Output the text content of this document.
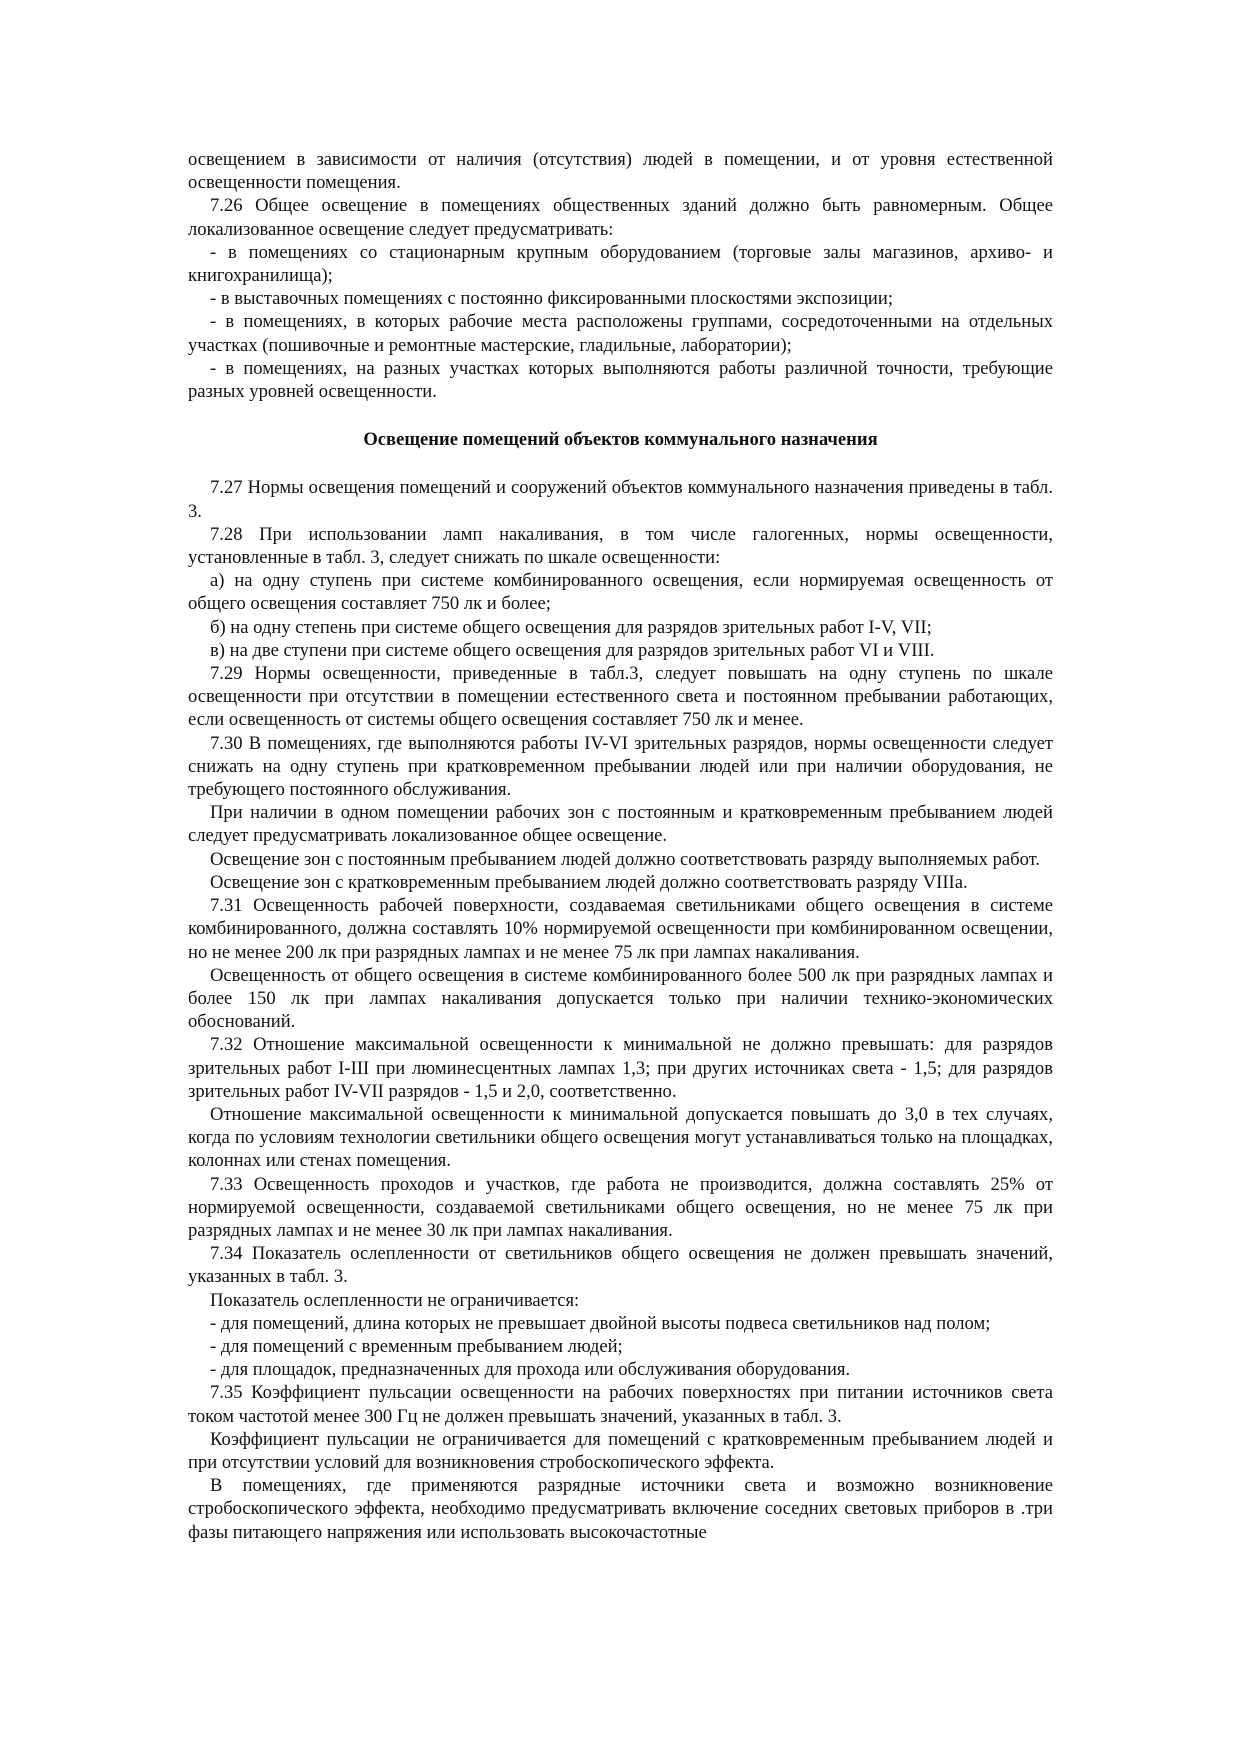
освещением в зависимости от наличия (отсутствия) людей в помещении, и от уровня естественной освещенности помещения.

7.26 Общее освещение в помещениях общественных зданий должно быть равномерным. Общее локализованное освещение следует предусматривать:

- в помещениях со стационарным крупным оборудованием (торговые залы магазинов, архиво- и книгохранилища);

- в выставочных помещениях с постоянно фиксированными плоскостями экспозиции;

- в помещениях, в которых рабочие места расположены группами, сосредоточенными на отдельных участках (пошивочные и ремонтные мастерские, гладильные, лаборатории);

- в помещениях, на разных участках которых выполняются работы различной точности, требующие разных уровней освещенности.

Освещение помещений объектов коммунального назначения

7.27 Нормы освещения помещений и сооружений объектов коммунального назначения приведены в табл. 3.

7.28 При использовании ламп накаливания, в том числе галогенных, нормы освещенности, установленные в табл. 3, следует снижать по шкале освещенности:

а) на одну ступень при системе комбинированного освещения, если нормируемая освещенность от общего освещения составляет 750 лк и более;

б) на одну степень при системе общего освещения для разрядов зрительных работ I-V, VII;

в) на две ступени при системе общего освещения для разрядов зрительных работ VI и VIII.

7.29 Нормы освещенности, приведенные в табл.3, следует повышать на одну ступень по шкале освещенности при отсутствии в помещении естественного света и постоянном пребывании работающих, если освещенность от системы общего освещения составляет 750 лк и менее.

7.30 В помещениях, где выполняются работы IV-VI зрительных разрядов, нормы освещенности следует снижать на одну ступень при кратковременном пребывании людей или при наличии оборудования, не требующего постоянного обслуживания.

При наличии в одном помещении рабочих зон с постоянным и кратковременным пребыванием людей следует предусматривать локализованное общее освещение.

Освещение зон с постоянным пребыванием людей должно соответствовать разряду выполняемых работ.

Освещение зон с кратковременным пребыванием людей должно соответствовать разряду VIIIа.

7.31 Освещенность рабочей поверхности, создаваемая светильниками общего освещения в системе комбинированного, должна составлять 10% нормируемой освещенности при комбинированном освещении, но не менее 200 лк при разрядных лампах и не менее 75 лк при лампах накаливания.

Освещенность от общего освещения в системе комбинированного более 500 лк при разрядных лампах и более 150 лк при лампах накаливания допускается только при наличии технико-экономических обоснований.

7.32 Отношение максимальной освещенности к минимальной не должно превышать: для разрядов зрительных работ I-III при люминесцентных лампах 1,3; при других источниках света - 1,5; для разрядов зрительных работ IV-VII разрядов - 1,5 и 2,0, соответственно.

Отношение максимальной освещенности к минимальной допускается повышать до 3,0 в тех случаях, когда по условиям технологии светильники общего освещения могут устанавливаться только на площадках, колоннах или стенах помещения.

7.33 Освещенность проходов и участков, где работа не производится, должна составлять 25% от нормируемой освещенности, создаваемой светильниками общего освещения, но не менее 75 лк при разрядных лампах и не менее 30 лк при лампах накаливания.

7.34 Показатель ослепленности от светильников общего освещения не должен превышать значений, указанных в табл. 3.

Показатель ослепленности не ограничивается:

- для помещений, длина которых не превышает двойной высоты подвеса светильников над полом;

- для помещений с временным пребыванием людей;

- для площадок, предназначенных для прохода или обслуживания оборудования.

7.35 Коэффициент пульсации освещенности на рабочих поверхностях при питании источников света током частотой менее 300 Гц не должен превышать значений, указанных в табл. 3.

Коэффициент пульсации не ограничивается для помещений с кратковременным пребыванием людей и при отсутствии условий для возникновения стробоскопического эффекта.

В помещениях, где применяются разрядные источники света и возможно возникновение стробоскопического эффекта, необходимо предусматривать включение соседних световых приборов в .три фазы питающего напряжения или использовать высокочастотные
